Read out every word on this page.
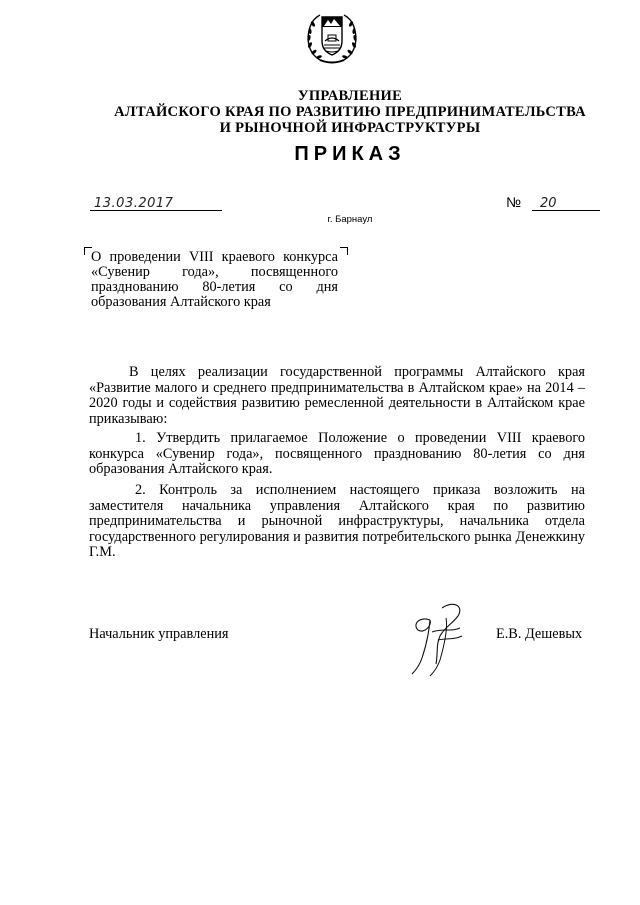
УПРАВЛЕНИЕ
АЛТАЙСКОГО КРАЯ ПО РАЗВИТИЮ ПРЕДПРИНИМАТЕЛЬСТВА
И РЫНОЧНОЙ ИНФРАСТРУКТУРЫ
ПРИКАЗ
13.03.2017	№	20
г. Барнаул
О проведении VIII краевого конкурса «Сувенир года», посвященного празднованию 80-летия со дня образования Алтайского края
В целях реализации государственной программы Алтайского края «Развитие малого и среднего предпринимательства в Алтайском крае» на 2014 – 2020 годы и содействия развитию ремесленной деятельности в Алтайском крае приказываю:
1. Утвердить прилагаемое Положение о проведении VIII краевого конкурса «Сувенир года», посвященного празднованию 80-летия со дня образования Алтайского края.
2. Контроль за исполнением настоящего приказа возложить на заместителя начальника управления Алтайского края по развитию предпринимательства и рыночной инфраструктуры, начальника отдела государственного регулирования и развития потребительского рынка Денежкину Г.М.
Начальник управления	Е.В. Дешевых
